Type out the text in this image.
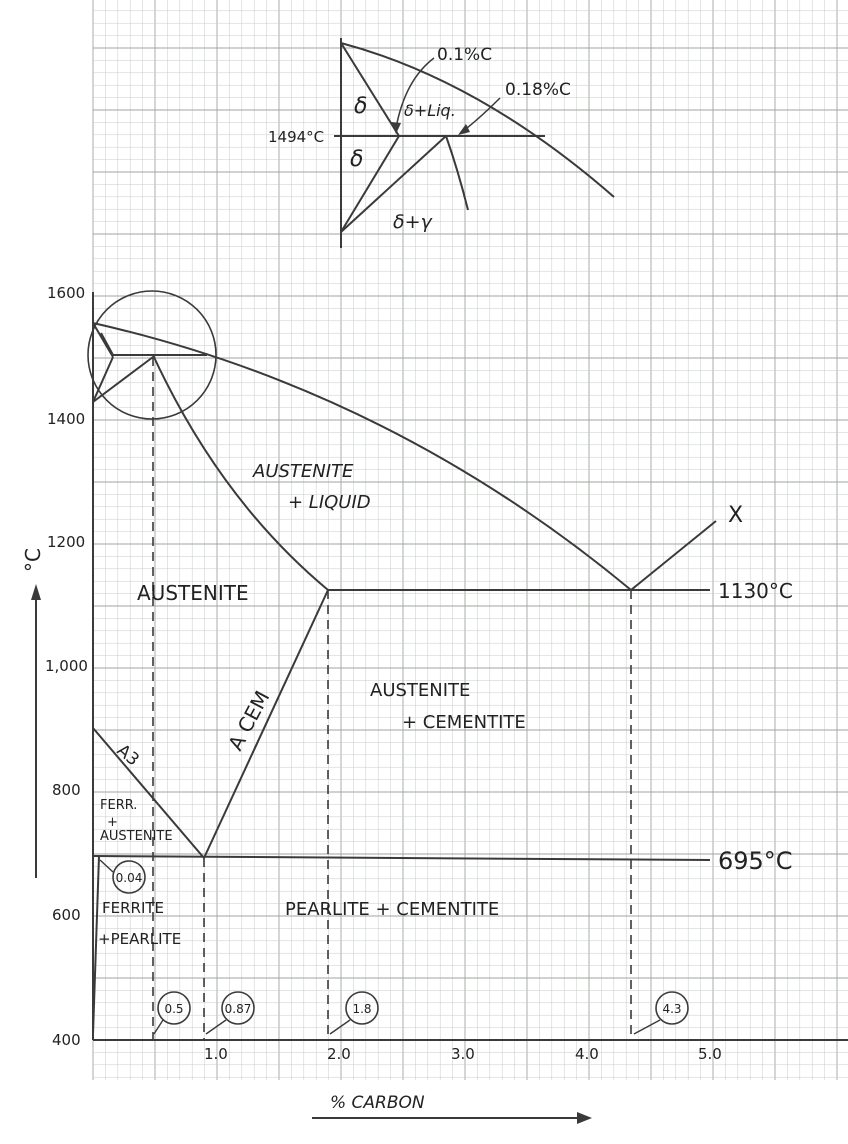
1600
1400
1200
1,000
800
600
400
1.0	2.0	3.0	4.0	5.0
°C
% CARBON
AUSTENITE
+ LIQUID
AUSTENITE
AUSTENITE
+ CEMENTITE
PEARLITE + CEMENTITE
FERR.
+
AUSTENITE
FERRITE
+PEARLITE
A3
A CEM
X
1130°C
695°C
0.04
0.5	0.87	1.8	4.3
1494°C
0.1%C
0.18%C
δ
δ
δ+Liq.
δ+γ
